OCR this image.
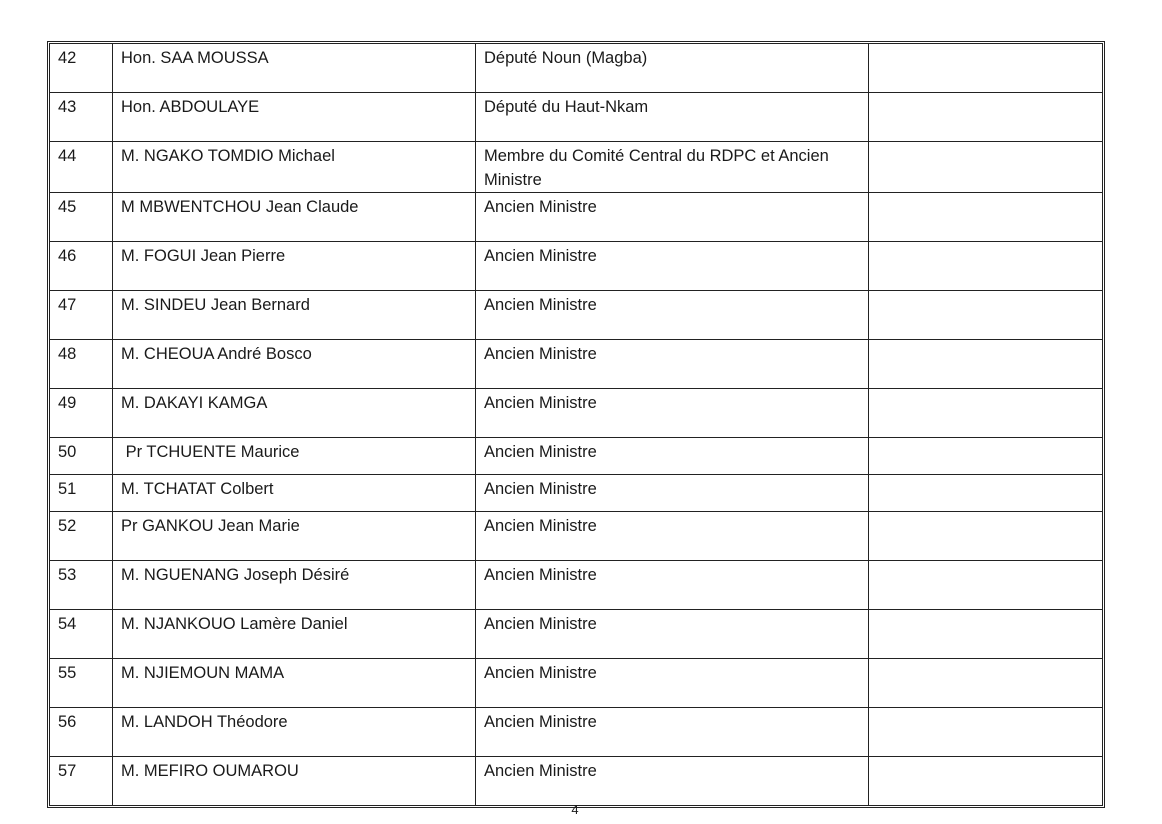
42	Hon. SAA MOUSSA	Député Noun (Magba)	
43	Hon. ABDOULAYE	Député du Haut-Nkam	
44	M. NGAKO TOMDIO Michael	Membre du Comité Central du RDPC et Ancien Ministre	
45	M MBWENTCHOU Jean Claude	Ancien Ministre	
46	M. FOGUI Jean Pierre	Ancien Ministre	
47	M. SINDEU Jean Bernard	Ancien Ministre	
48	M. CHEOUA André Bosco	Ancien Ministre	
49	M. DAKAYI KAMGA	Ancien Ministre	
50	Pr TCHUENTE Maurice	Ancien Ministre	
51	M. TCHATAT Colbert	Ancien Ministre	
52	Pr GANKOU Jean Marie	Ancien Ministre	
53	M. NGUENANG Joseph Désiré	Ancien Ministre	
54	M. NJANKOUO Lamère Daniel	Ancien Ministre	
55	M. NJIEMOUN MAMA	Ancien Ministre	
56	M. LANDOH Théodore	Ancien Ministre	
57	M. MEFIRO OUMAROU	Ancien Ministre	
4
